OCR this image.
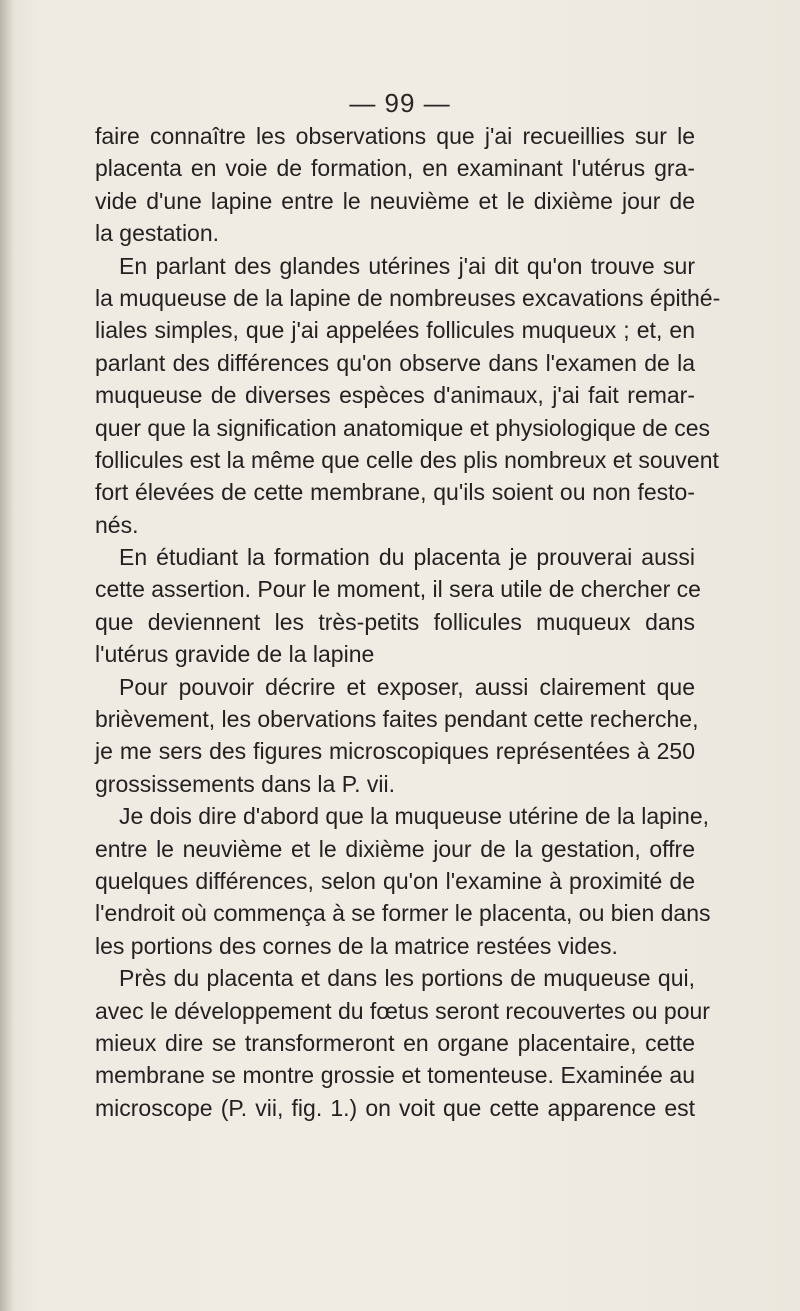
— 99 —
faire connaître les observations que j'ai recueillies sur le
placenta en voie de formation, en examinant l'utérus gra-
vide d'une lapine entre le neuvième et le dixième jour de
la gestation.
En parlant des glandes utérines j'ai dit qu'on trouve sur
la muqueuse de la lapine de nombreuses excavations épithé-
liales simples, que j'ai appelées follicules muqueux ; et, en
parlant des différences qu'on observe dans l'examen de la
muqueuse de diverses espèces d'animaux, j'ai fait remar-
quer que la signification anatomique et physiologique de ces
follicules est la même que celle des plis nombreux et souvent
fort élevées de cette membrane, qu'ils soient ou non festo-
nés.
En étudiant la formation du placenta je prouverai aussi
cette assertion. Pour le moment, il sera utile de chercher ce
que deviennent les très-petits follicules muqueux dans
l'utérus gravide de la lapine
Pour pouvoir décrire et exposer, aussi clairement que
brièvement, les obervations faites pendant cette recherche,
je me sers des figures microscopiques représentées à 250
grossissements dans la P. vii.
Je dois dire d'abord que la muqueuse utérine de la lapine,
entre le neuvième et le dixième jour de la gestation, offre
quelques différences, selon qu'on l'examine à proximité de
l'endroit où commença à se former le placenta, ou bien dans
les portions des cornes de la matrice restées vides.
Près du placenta et dans les portions de muqueuse qui,
avec le développement du fœtus seront recouvertes ou pour
mieux dire se transformeront en organe placentaire, cette
membrane se montre grossie et tomenteuse. Examinée au
microscope (P. vii, fig. 1.) on voit que cette apparence est
